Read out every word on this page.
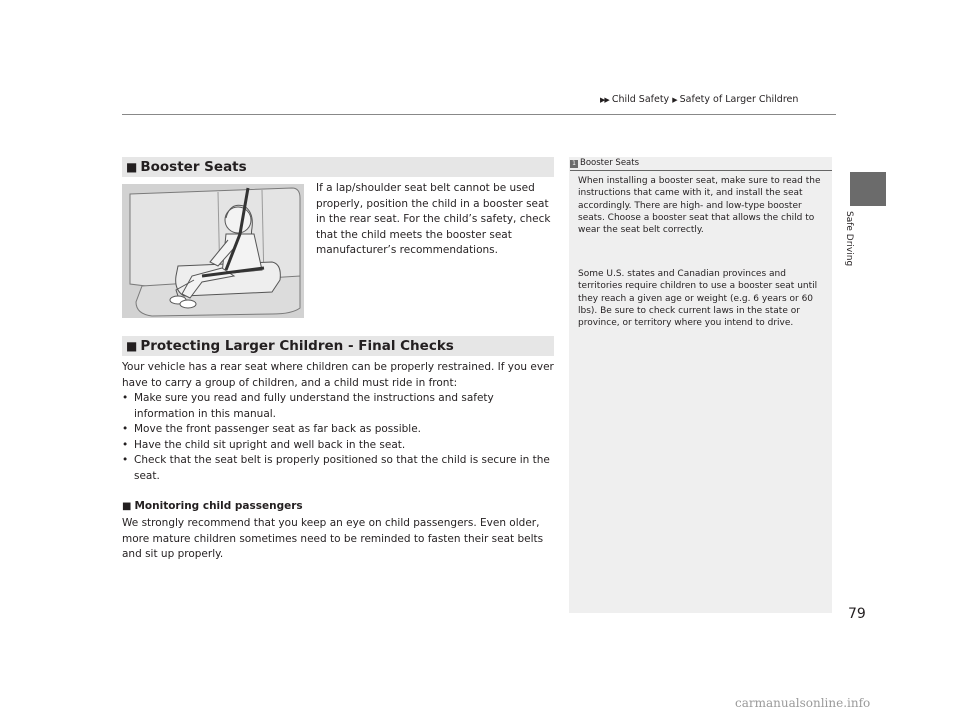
▶▶ Child Safety ▶ Safety of Larger Children
Safe Driving
■ Booster Seats
If a lap/shoulder seat belt cannot be used properly, position the child in a booster seat in the rear seat. For the child’s safety, check that the child meets the booster seat manufacturer’s recommendations.
■ Protecting Larger Children - Final Checks
Your vehicle has a rear seat where children can be properly restrained. If you ever have to carry a group of children, and a child must ride in front:
• Make sure you read and fully understand the instructions and safety information in this manual.
• Move the front passenger seat as far back as possible.
• Have the child sit upright and well back in the seat.
• Check that the seat belt is properly positioned so that the child is secure in the seat.
■ Monitoring child passengers
We strongly recommend that you keep an eye on child passengers. Even older, more mature children sometimes need to be reminded to fasten their seat belts and sit up properly.
1 Booster Seats
When installing a booster seat, make sure to read the instructions that came with it, and install the seat accordingly. There are high- and low-type booster seats. Choose a booster seat that allows the child to wear the seat belt correctly.
Some U.S. states and Canadian provinces and territories require children to use a booster seat until they reach a given age or weight (e.g. 6 years or 60 lbs). Be sure to check current laws in the state or province, or territory where you intend to drive.
79
carmanualsonline.info
